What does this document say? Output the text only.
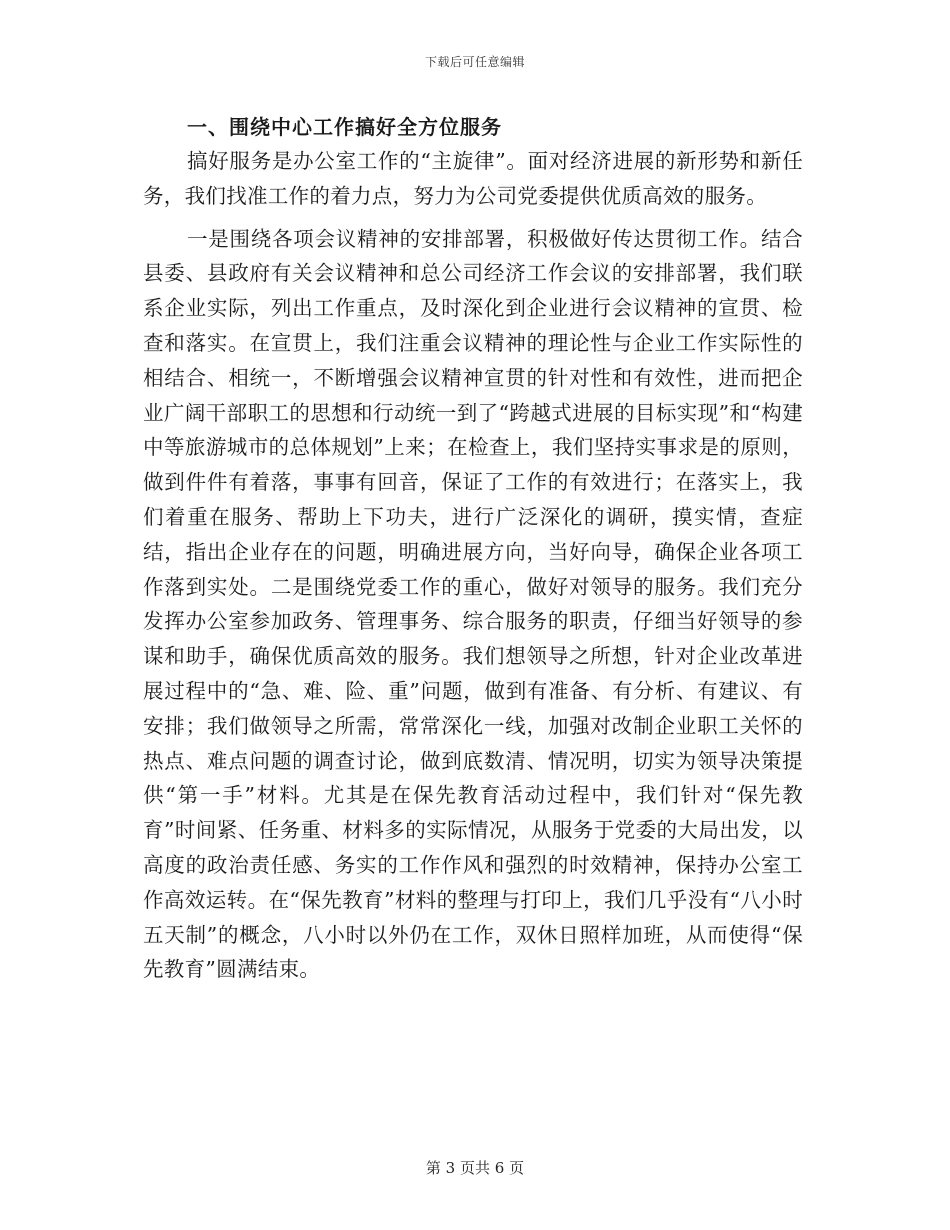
下载后可任意编辑

一、围绕中心工作搞好全方位服务

搞好服务是办公室工作的“主旋律”。面对经济进展的新形势和新任务，我们找准工作的着力点，努力为公司党委提供优质高效的服务。

一是围绕各项会议精神的安排部署，积极做好传达贯彻工作。结合县委、县政府有关会议精神和总公司经济工作会议的安排部署，我们联系企业实际，列出工作重点，及时深化到企业进行会议精神的宣贯、检查和落实。在宣贯上，我们注重会议精神的理论性与企业工作实际性的相结合、相统一，不断增强会议精神宣贯的针对性和有效性，进而把企业广阔干部职工的思想和行动统一到了“跨越式进展的目标实现”和“构建中等旅游城市的总体规划”上来；在检查上，我们坚持实事求是的原则，做到件件有着落，事事有回音，保证了工作的有效进行；在落实上，我们着重在服务、帮助上下功夫，进行广泛深化的调研，摸实情，查症结，指出企业存在的问题，明确进展方向，当好向导，确保企业各项工作落到实处。二是围绕党委工作的重心，做好对领导的服务。我们充分发挥办公室参加政务、管理事务、综合服务的职责，仔细当好领导的参谋和助手，确保优质高效的服务。我们想领导之所想，针对企业改革进展过程中的“急、难、险、重”问题，做到有准备、有分析、有建议、有安排；我们做领导之所需，常常深化一线，加强对改制企业职工关怀的热点、难点问题的调查讨论，做到底数清、情况明，切实为领导决策提供“第一手”材料。尤其是在保先教育活动过程中，我们针对“保先教育”时间紧、任务重、材料多的实际情况，从服务于党委的大局出发，以高度的政治责任感、务实的工作作风和强烈的时效精神，保持办公室工作高效运转。在“保先教育”材料的整理与打印上，我们几乎没有“八小时五天制”的概念，八小时以外仍在工作，双休日照样加班，从而使得“保先教育”圆满结束。

第 3 页共 6 页
